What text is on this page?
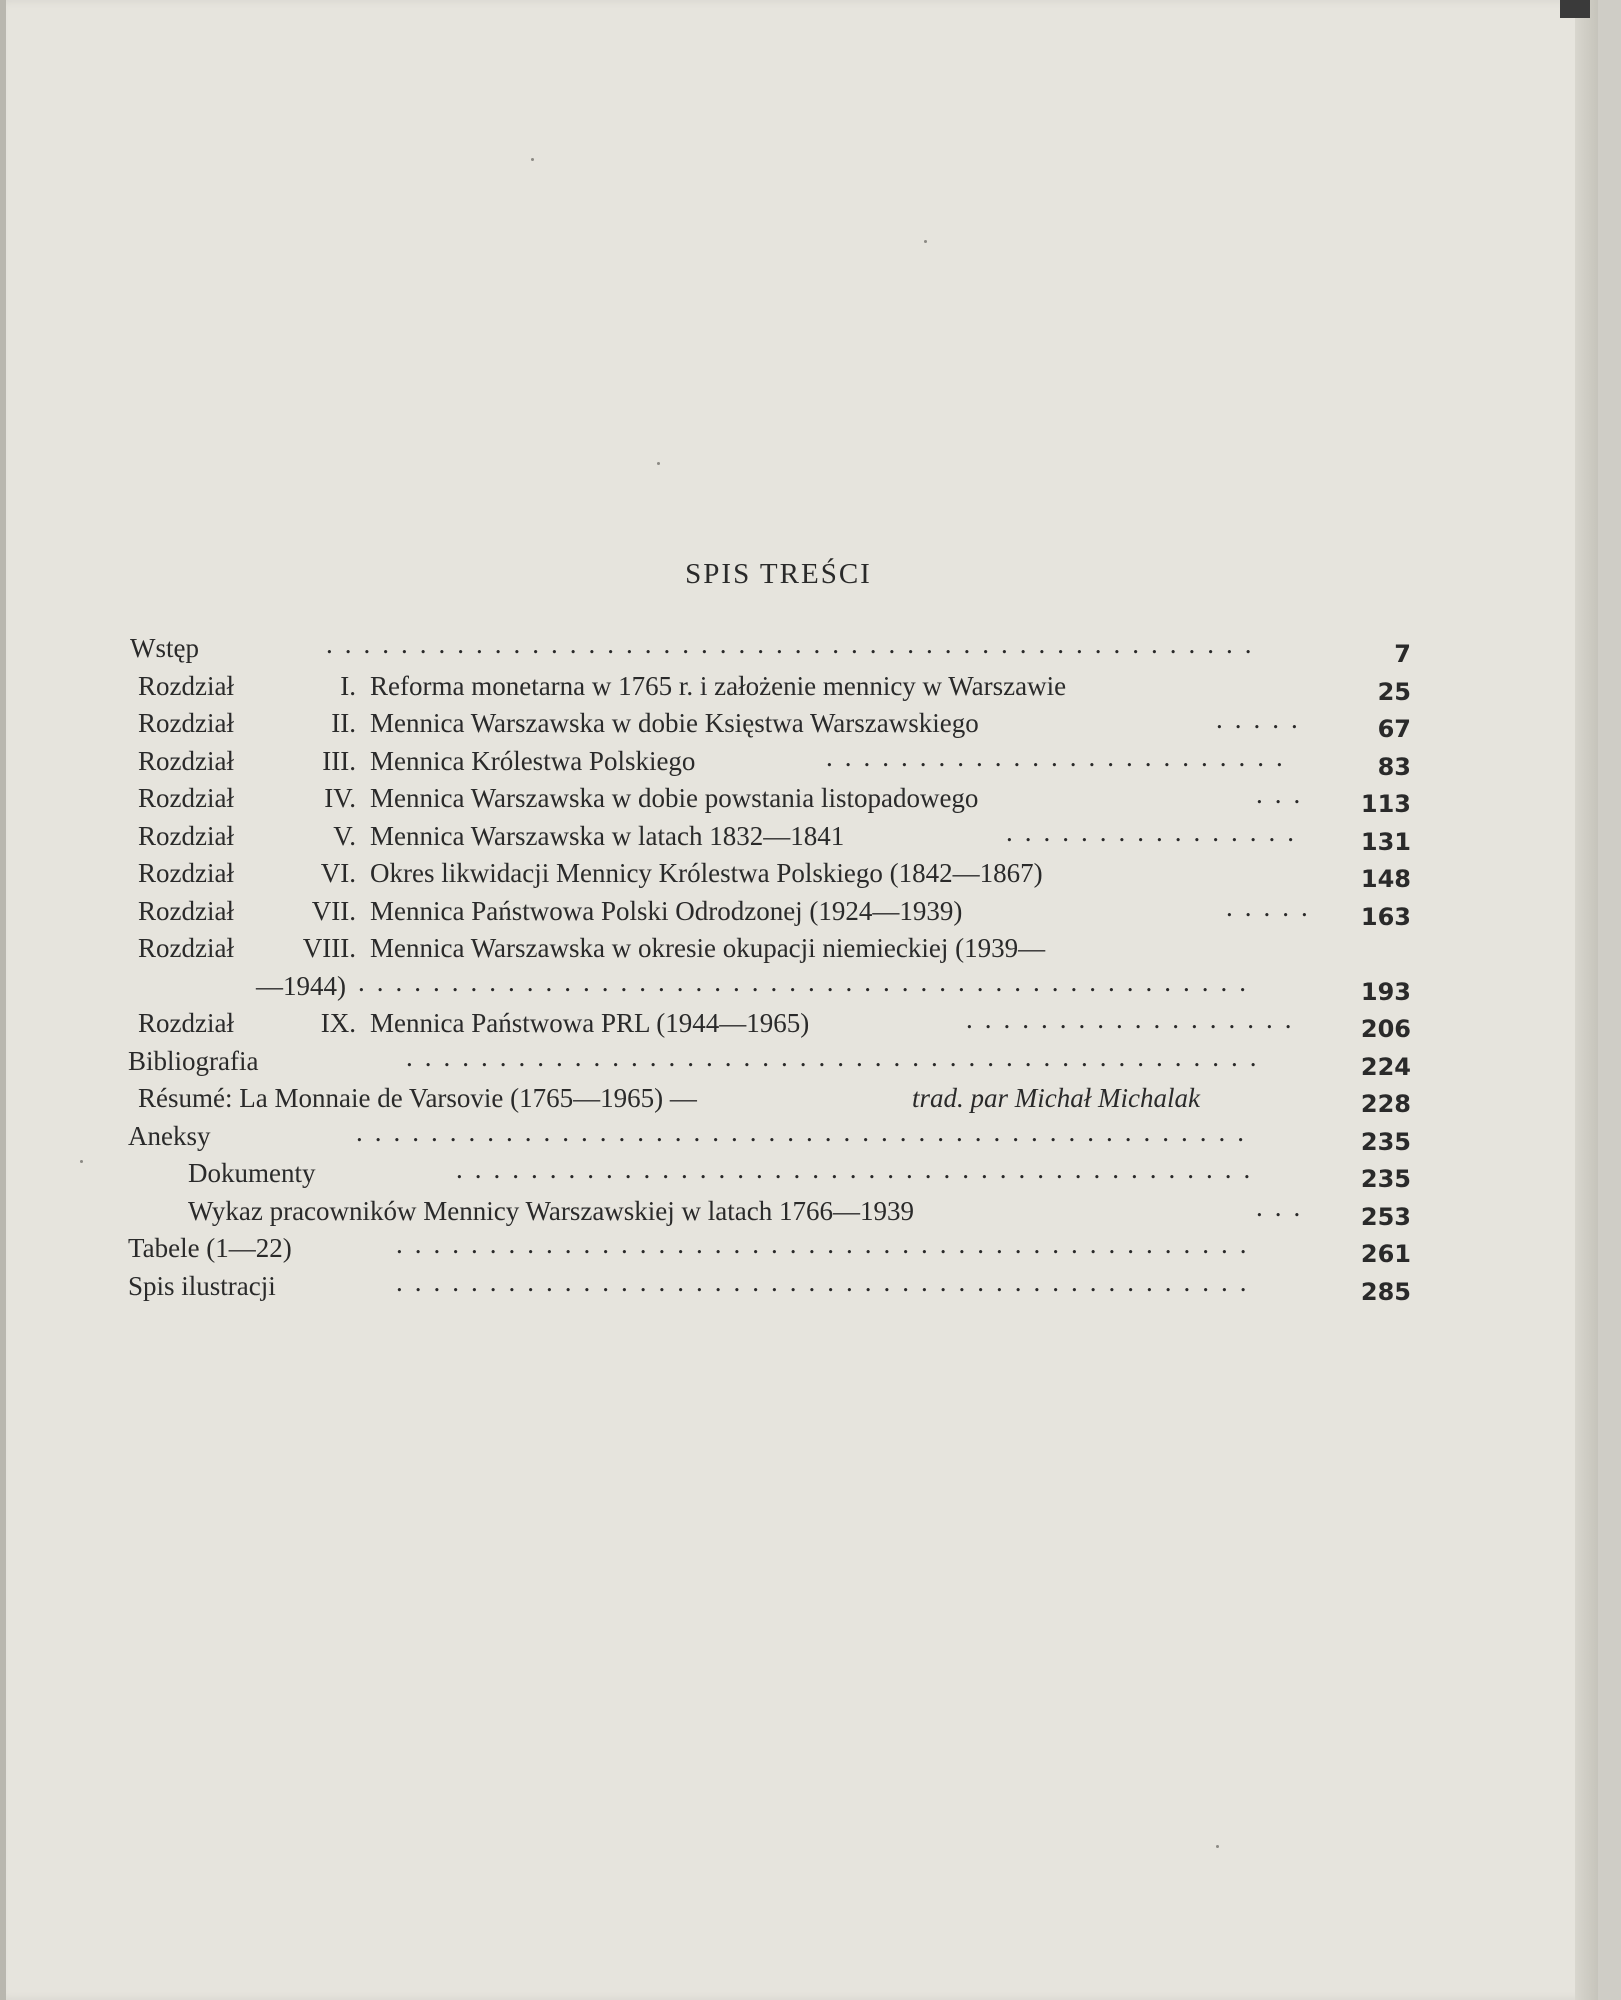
SPIS TREŚCI
Wstęp	..................................................	7
Rozdział	I. Reforma monetarna w 1765 r. i założenie mennicy w Warszawie	25
Rozdział	II. Mennica Warszawska w dobie Księstwa Warszawskiego	.....	67
Rozdział	III. Mennica Królestwa Polskiego	.........................	83
Rozdział	IV. Mennica Warszawska w dobie powstania listopadowego	...	113
Rozdział	V. Mennica Warszawska w latach 1832—1841	................	131
Rozdział	VI. Okres likwidacji Mennicy Królestwa Polskiego (1842—1867)	148
Rozdział	VII. Mennica Państwowa Polski Odrodzonej (1924—1939)	.....	163
Rozdział	VIII. Mennica Warszawska w okresie okupacji niemieckiej (1939—
—1944) ................................................	193
Rozdział	IX. Mennica Państwowa PRL (1944—1965)	..................	206
Bibliografia	..............................................	224
Résumé: La Monnaie de Varsovie (1765—1965) —	trad. par Michał Michalak	228
Aneksy	................................................	235
Dokumenty	...........................................	235
Wykaz pracowników Mennicy Warszawskiej w latach 1766—1939	...	253
Tabele (1—22)	..............................................	261
Spis ilustracji	..............................................	285
